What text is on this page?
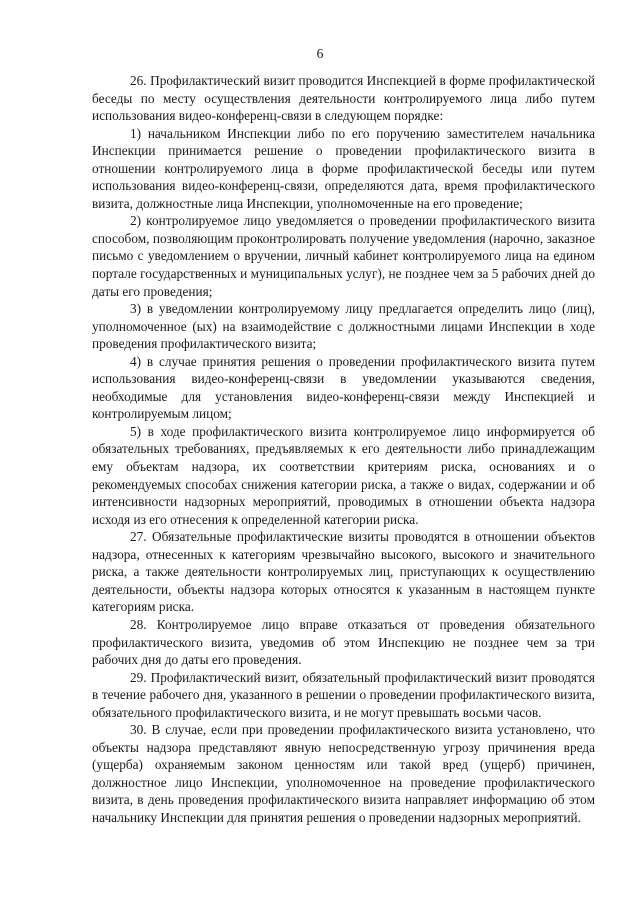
6

26. Профилактический визит проводится Инспекцией в форме профилактической беседы по месту осуществления деятельности контролируемого лица либо путем использования видео-конференц-связи в следующем порядке:

1) начальником Инспекции либо по его поручению заместителем начальника Инспекции принимается решение о проведении профилактического визита в отношении контролируемого лица в форме профилактической беседы или путем использования видео-конференц-связи, определяются дата, время профилактического визита, должностные лица Инспекции, уполномоченные на его проведение;

2) контролируемое лицо уведомляется о проведении профилактического визита способом, позволяющим проконтролировать получение уведомления (нарочно, заказное письмо с уведомлением о вручении, личный кабинет контролируемого лица на едином портале государственных и муниципальных услуг), не позднее чем за 5 рабочих дней до даты его проведения;

3) в уведомлении контролируемому лицу предлагается определить лицо (лиц), уполномоченное (ых) на взаимодействие с должностными лицами Инспекции в ходе проведения профилактического визита;

4) в случае принятия решения о проведении профилактического визита путем использования видео-конференц-связи в уведомлении указываются сведения, необходимые для установления видео-конференц-связи между Инспекцией и контролируемым лицом;

5) в ходе профилактического визита контролируемое лицо информируется об обязательных требованиях, предъявляемых к его деятельности либо принадлежащим ему объектам надзора, их соответствии критериям риска, основаниях и о рекомендуемых способах снижения категории риска, а также о видах, содержании и об интенсивности надзорных мероприятий, проводимых в отношении объекта надзора исходя из его отнесения к определенной категории риска.

27. Обязательные профилактические визиты проводятся в отношении объектов надзора, отнесенных к категориям чрезвычайно высокого, высокого и значительного риска, а также деятельности контролируемых лиц, приступающих к осуществлению деятельности, объекты надзора которых относятся к указанным в настоящем пункте категориям риска.

28. Контролируемое лицо вправе отказаться от проведения обязательного профилактического визита, уведомив об этом Инспекцию не позднее чем за три рабочих дня до даты его проведения.

29. Профилактический визит, обязательный профилактический визит проводятся в течение рабочего дня, указанного в решении о проведении профилактического визита, обязательного профилактического визита, и не могут превышать восьми часов.

30. В случае, если при проведении профилактического визита установлено, что объекты надзора представляют явную непосредственную угрозу причинения вреда (ущерба) охраняемым законом ценностям или такой вред (ущерб) причинен, должностное лицо Инспекции, уполномоченное на проведение профилактического визита, в день проведения профилактического визита направляет информацию об этом начальнику Инспекции для принятия решения о проведении надзорных мероприятий.
